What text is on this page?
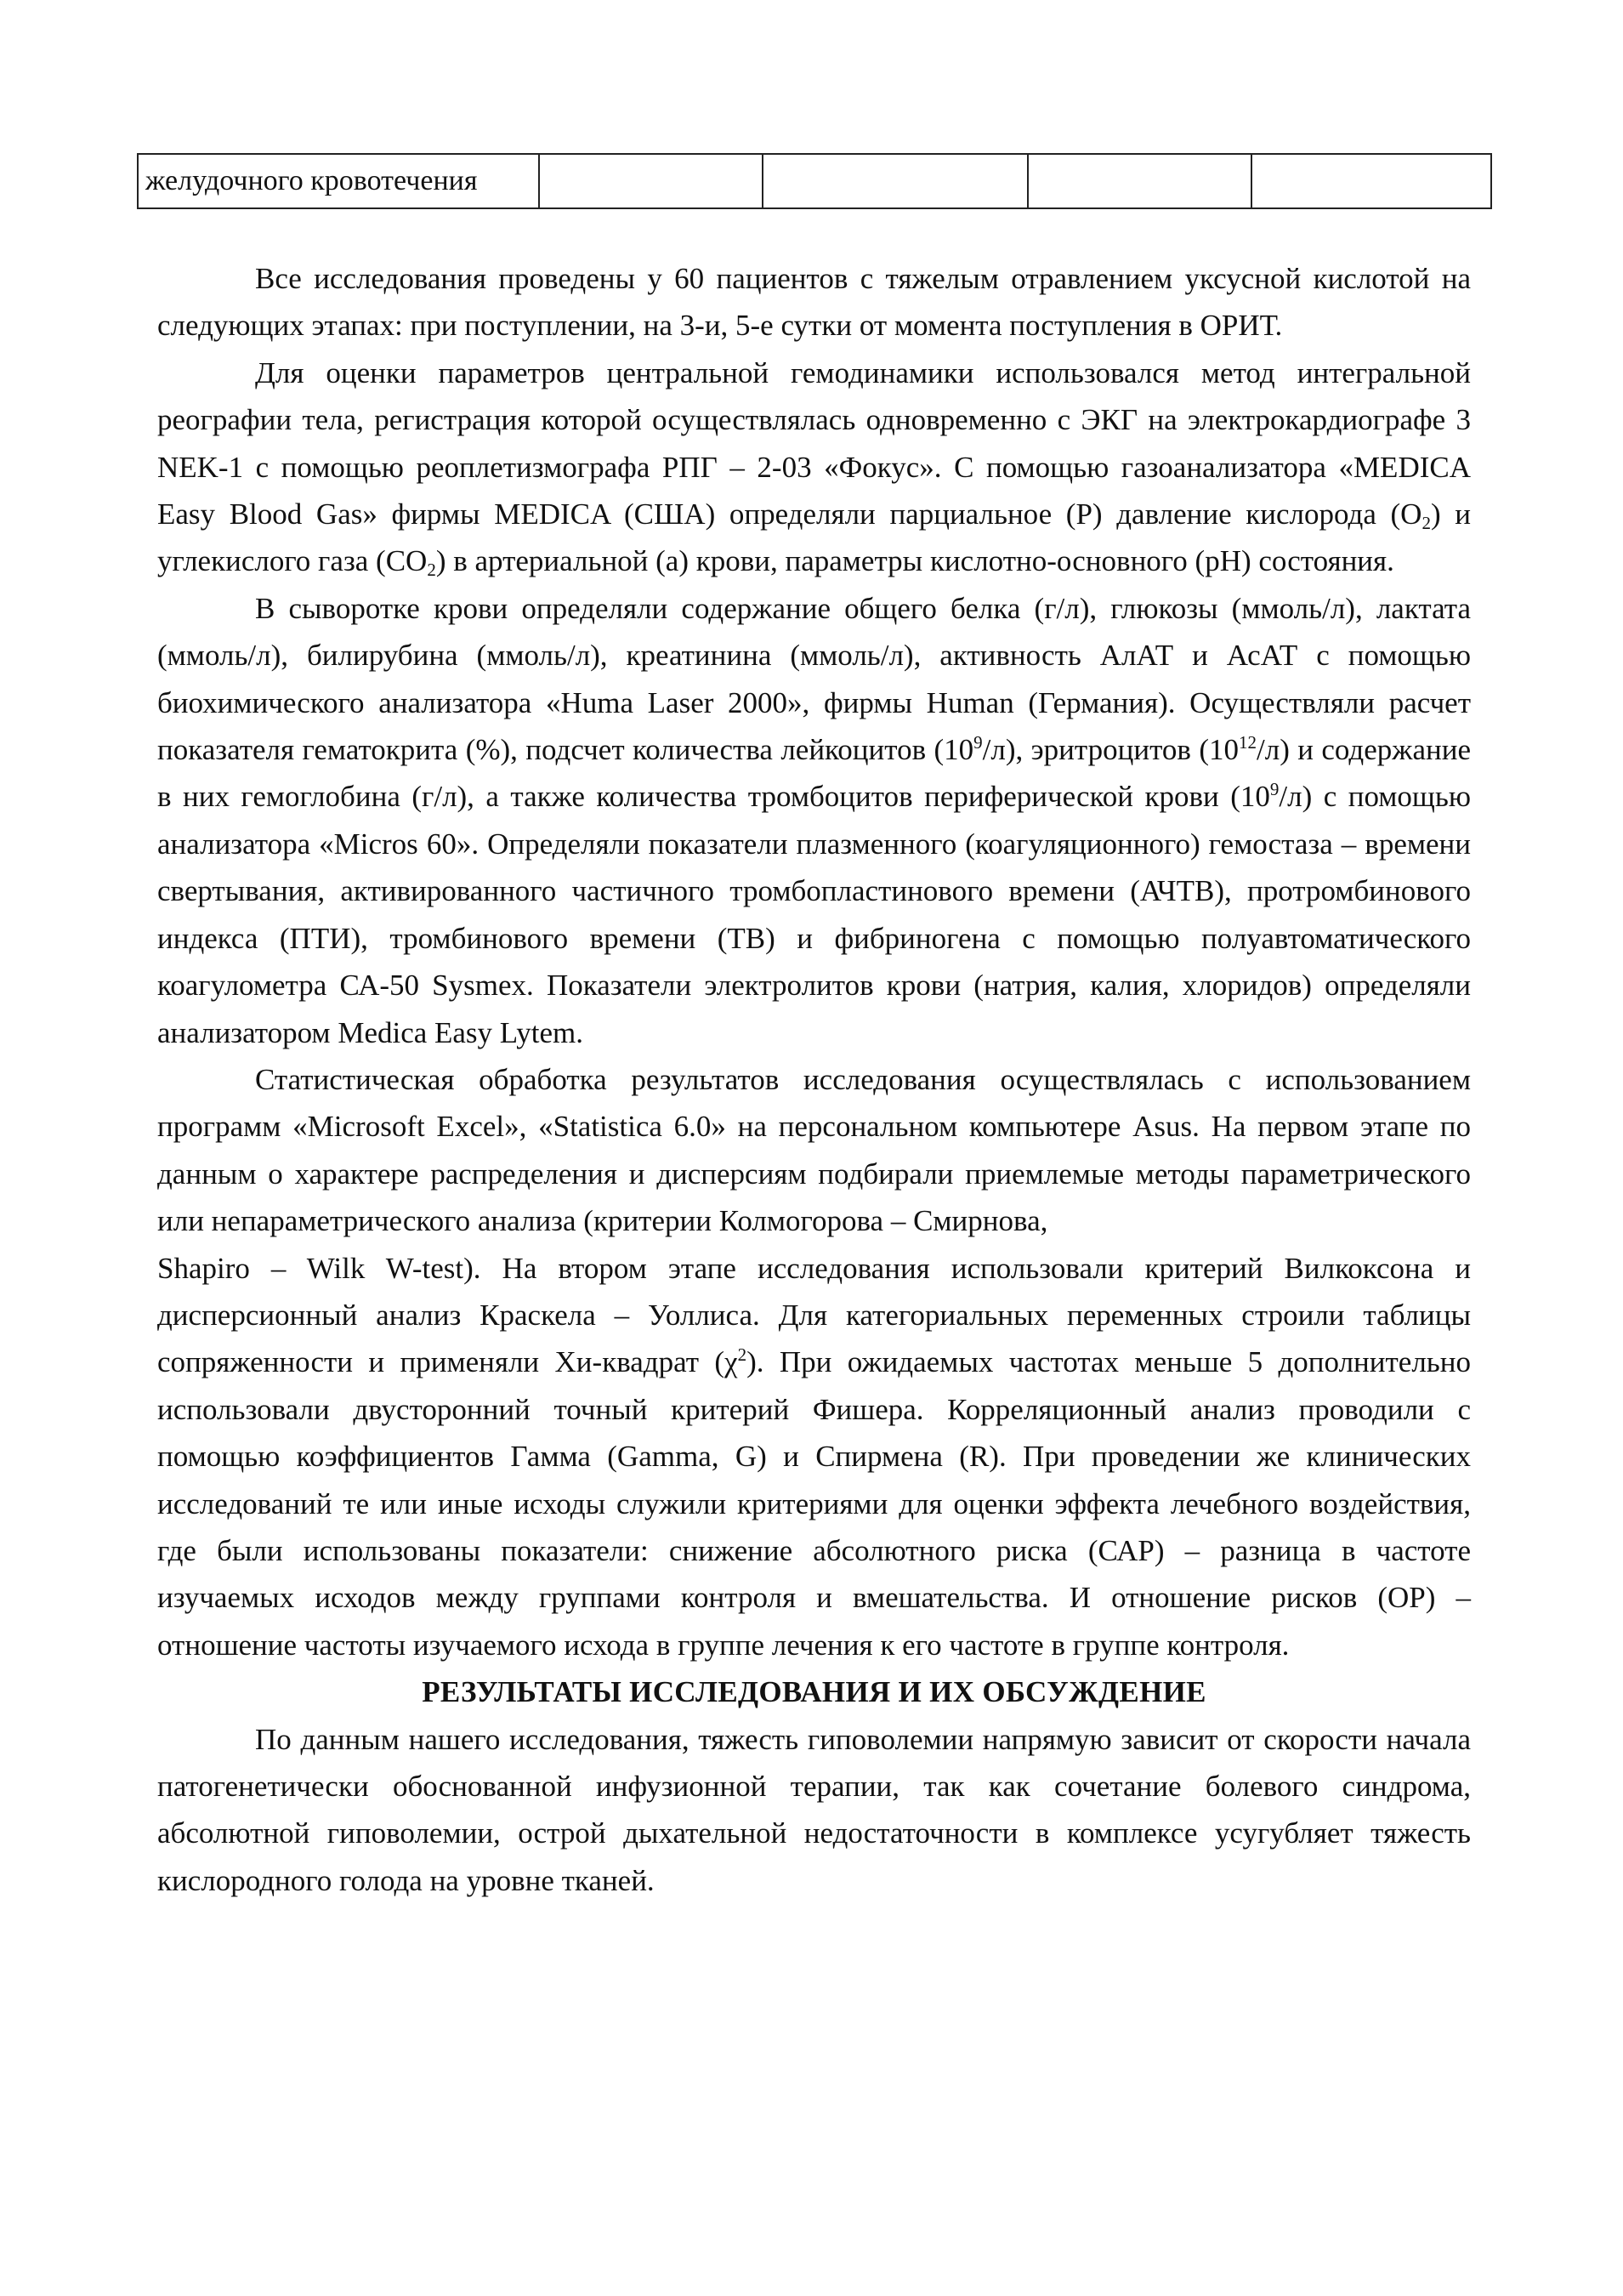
желудочного кровотечения				

Все исследования проведены у 60 пациентов с тяжелым отравлением уксусной кислотой на следующих этапах: при поступлении, на 3-и, 5-е сутки от момента поступления в ОРИТ.

Для оценки параметров центральной гемодинамики использовался метод интегральной реографии тела, регистрация которой осуществлялась одновременно с ЭКГ на электрокардиографе 3 NEK-1 с помощью реоплетизмографа РПГ – 2-03 «Фокус». С помощью газоанализатора «MEDICA Easy Blood Gas» фирмы MEDICA (США) определяли парциальное (Р) давление кислорода $(О_2)$ и углекислого газа $(СО_2)$ в артериальной (а) крови, параметры кислотно-основного (рН) состояния.

В сыворотке крови определяли содержание общего белка (г/л), глюкозы (ммоль/л), лактата (ммоль/л), билирубина (ммоль/л), креатинина (ммоль/л), активность АлАТ и АсАТ с помощью биохимического анализатора «Huma Laser 2000», фирмы Human (Германия). Осуществляли расчет показателя гематокрита (%), подсчет количества лейкоцитов $(10^9/л)$, эритроцитов $(10^{12}/л)$ и содержание в них гемоглобина (г/л), а также количества тромбоцитов периферической крови $(10^9/л)$ с помощью анализатора «Micros 60». Определяли показатели плазменного (коагуляционного) гемостаза – времени свертывания, активированного частичного тромбопластинового времени (АЧТВ), протромбинового индекса (ПТИ), тромбинового времени (ТВ) и фибриногена с помощью полуавтоматического коагулометра СА-50 Sysmex. Показатели электролитов крови (натрия, калия, хлоридов) определяли анализатором Medica Easy Lytem.

Статистическая обработка результатов исследования осуществлялась с использованием программ «Microsoft Excel», «Statistica 6.0» на персональном компьютере Asus. На первом этапе по данным о характере распределения и дисперсиям подбирали приемлемые методы параметрического или непараметрического анализа (критерии Колмогорова – Смирнова,

Shapiro – Wilk W-test). На втором этапе исследования использовали критерий Вилкоксона и дисперсионный анализ Краскела – Уоллиса. Для категориальных переменных строили таблицы сопряженности и применяли Хи-квадрат $(\chi^2)$. При ожидаемых частотах меньше 5 дополнительно использовали двусторонний точный критерий Фишера. Корреляционный анализ проводили с помощью коэффициентов Гамма (Gamma, G) и Спирмена (R). При проведении же клинических исследований те или иные исходы служили критериями для оценки эффекта лечебного воздействия, где были использованы показатели: снижение абсолютного риска (САР) – разница в частоте изучаемых исходов между группами контроля и вмешательства. И отношение рисков (ОР) – отношение частоты изучаемого исхода в группе лечения к его частоте в группе контроля.

РЕЗУЛЬТАТЫ ИССЛЕДОВАНИЯ И ИХ ОБСУЖДЕНИЕ

По данным нашего исследования, тяжесть гиповолемии напрямую зависит от скорости начала патогенетически обоснованной инфузионной терапии, так как сочетание болевого синдрома, абсолютной гиповолемии, острой дыхательной недостаточности в комплексе усугубляет тяжесть кислородного голода на уровне тканей.
